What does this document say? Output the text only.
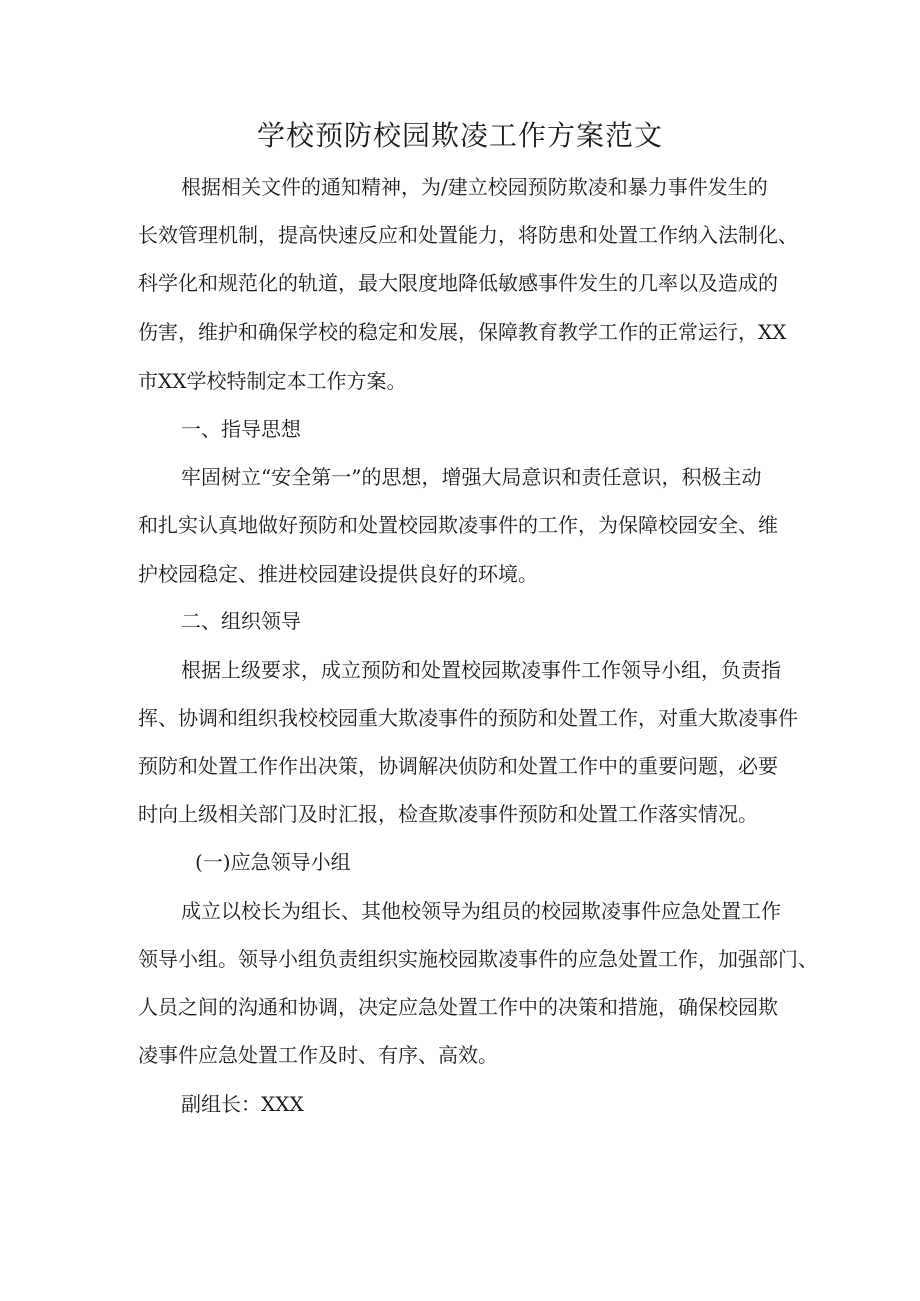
学校预防校园欺凌工作方案范文
根据相关文件的通知精神，为/建立校园预防欺凌和暴力事件发生的
长效管理机制，提高快速反应和处置能力，将防患和处置工作纳入法制化、
科学化和规范化的轨道，最大限度地降低敏感事件发生的几率以及造成的
伤害，维护和确保学校的稳定和发展，保障教育教学工作的正常运行，XX
市XX学校特制定本工作方案。
一、指导思想
牢固树立“安全第一”的思想，增强大局意识和责任意识，积极主动
和扎实认真地做好预防和处置校园欺凌事件的工作，为保障校园安全、维
护校园稳定、推进校园建设提供良好的环境。
二、组织领导
根据上级要求，成立预防和处置校园欺凌事件工作领导小组，负责指
挥、协调和组织我校校园重大欺凌事件的预防和处置工作，对重大欺凌事件
预防和处置工作作出决策，协调解决侦防和处置工作中的重要问题，必要
时向上级相关部门及时汇报，检查欺凌事件预防和处置工作落实情况。
(一)应急领导小组
成立以校长为组长、其他校领导为组员的校园欺凌事件应急处置工作
领导小组。领导小组负责组织实施校园欺凌事件的应急处置工作，加强部门、
人员之间的沟通和协调，决定应急处置工作中的决策和措施，确保校园欺
凌事件应急处置工作及时、有序、高效。
副组长：XXX
